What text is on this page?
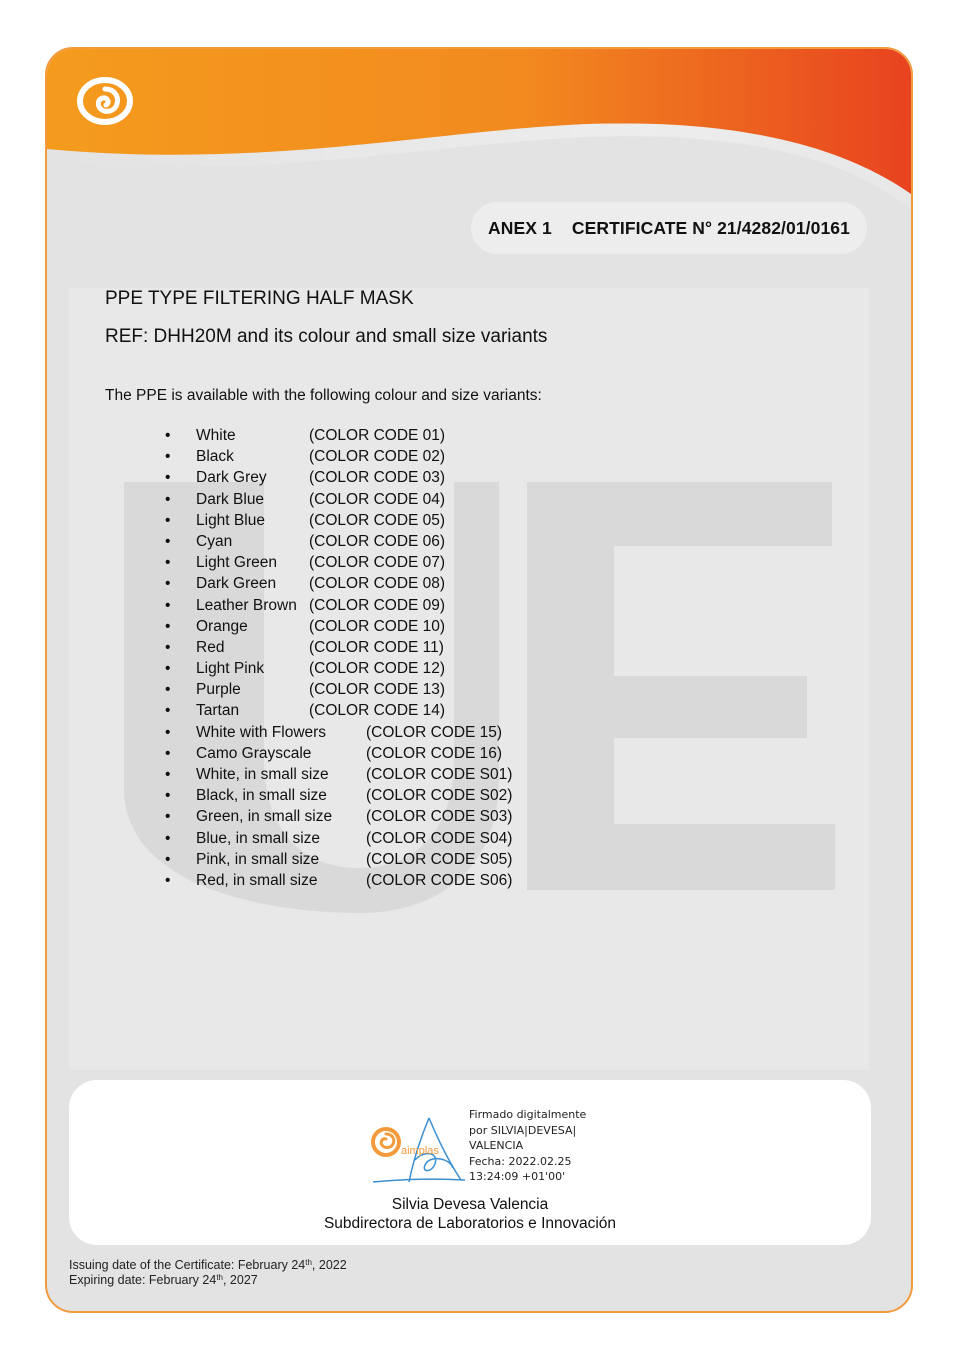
ANEX 1 CERTIFICATE N° 21/4282/01/0161
PPE TYPE FILTERING HALF MASK
REF: DHH20M and its colour and small size variants

The PPE is available with the following colour and size variants:

• White	(COLOR CODE 01)
• Black	(COLOR CODE 02)
• Dark Grey	(COLOR CODE 03)
• Dark Blue	(COLOR CODE 04)
• Light Blue	(COLOR CODE 05)
• Cyan	(COLOR CODE 06)
• Light Green (COLOR CODE 07)
• Dark Green (COLOR CODE 08)
• Leather Brown (COLOR CODE 09)
• Orange	(COLOR CODE 10)
• Red	(COLOR CODE 11)
• Light Pink	(COLOR CODE 12)
• Purple	(COLOR CODE 13)
• Tartan	(COLOR CODE 14)
• White with Flowers	(COLOR CODE 15)
• Camo Grayscale	(COLOR CODE 16)
• White, in small size (COLOR CODE S01)
• Black, in small size	(COLOR CODE S02)
• Green, in small size (COLOR CODE S03)
• Blue, in small size	(COLOR CODE S04)
• Pink, in small size	(COLOR CODE S05)
• Red, in small size	(COLOR CODE S06)
aimplas
Firmado digitalmente
por SILVIA|DEVESA|
VALENCIA
Fecha: 2022.02.25
13:24:09 +01'00'
Silvia Devesa Valencia
Subdirectora de Laboratorios e Innovación
Issuing date of the Certificate: February 24th, 2022
Expiring date: February 24th, 2027
